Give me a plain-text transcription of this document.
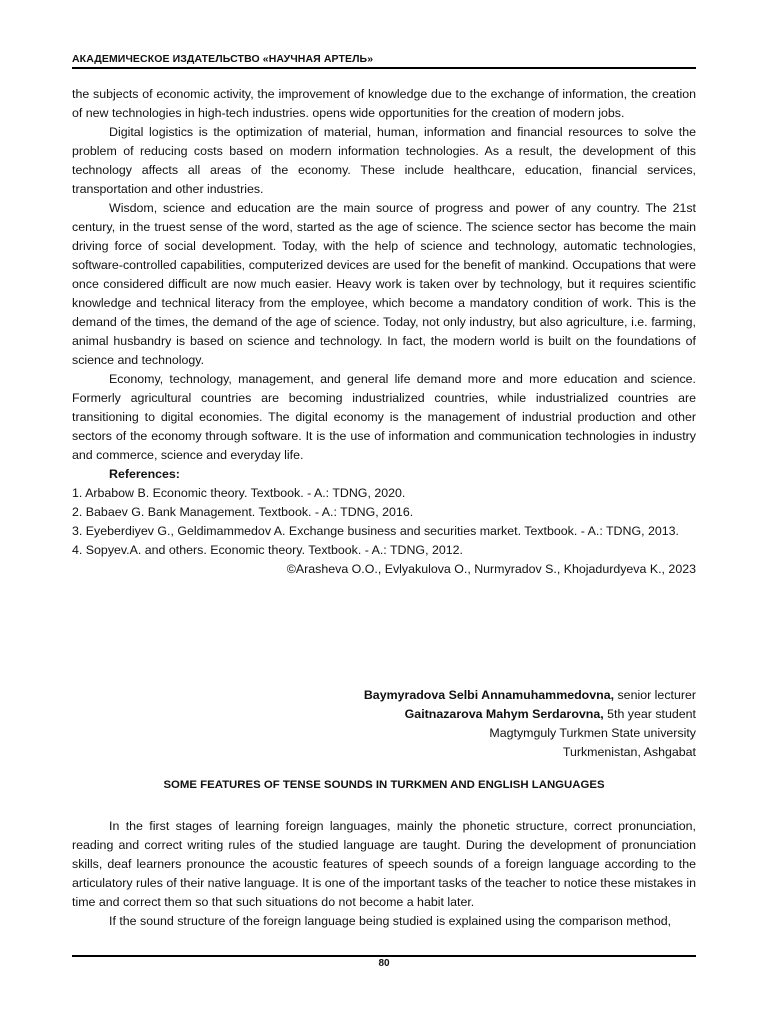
АКАДЕМИЧЕСКОЕ ИЗДАТЕЛЬСТВО «НАУЧНАЯ АРТЕЛЬ»

the subjects of economic activity, the improvement of knowledge due to the exchange of information, the creation of new technologies in high-tech industries. opens wide opportunities for the creation of modern jobs.

Digital logistics is the optimization of material, human, information and financial resources to solve the problem of reducing costs based on modern information technologies. As a result, the development of this technology affects all areas of the economy. These include healthcare, education, financial services, transportation and other industries.

Wisdom, science and education are the main source of progress and power of any country. The 21st century, in the truest sense of the word, started as the age of science. The science sector has become the main driving force of social development. Today, with the help of science and technology, automatic technologies, software-controlled capabilities, computerized devices are used for the benefit of mankind. Occupations that were once considered difficult are now much easier. Heavy work is taken over by technology, but it requires scientific knowledge and technical literacy from the employee, which become a mandatory condition of work. This is the demand of the times, the demand of the age of science. Today, not only industry, but also agriculture, i.e. farming, animal husbandry is based on science and technology. In fact, the modern world is built on the foundations of science and technology.

Economy, technology, management, and general life demand more and more education and science. Formerly agricultural countries are becoming industrialized countries, while industrialized countries are transitioning to digital economies. The digital economy is the management of industrial production and other sectors of the economy through software. It is the use of information and communication technologies in industry and commerce, science and everyday life.

References:

1. Arbabow B. Economic theory. Textbook. - A.: TDNG, 2020.

2. Babaev G. Bank Management. Textbook. - A.: TDNG, 2016.

3. Eyeberdiyev G., Geldimammedov A. Exchange business and securities market. Textbook. - A.: TDNG, 2013.

4. Sopyev.A. and others. Economic theory. Textbook. - A.: TDNG, 2012.

©Arasheva O.O., Evlyakulova O., Nurmyradov S., Khojadurdyeva K., 2023
Baymyradova Selbi Annamuhammedovna, senior lecturer
Gaitnazarova Mahym Serdarovna, 5th year student
Magtymguly Turkmen State university
Turkmenistan, Ashgabat
SOME FEATURES OF TENSE SOUNDS IN TURKMEN AND ENGLISH LANGUAGES

In the first stages of learning foreign languages, mainly the phonetic structure, correct pronunciation, reading and correct writing rules of the studied language are taught. During the development of pronunciation skills, deaf learners pronounce the acoustic features of speech sounds of a foreign language according to the articulatory rules of their native language. It is one of the important tasks of the teacher to notice these mistakes in time and correct them so that such situations do not become a habit later.

If the sound structure of the foreign language being studied is explained using the comparison method,

80
